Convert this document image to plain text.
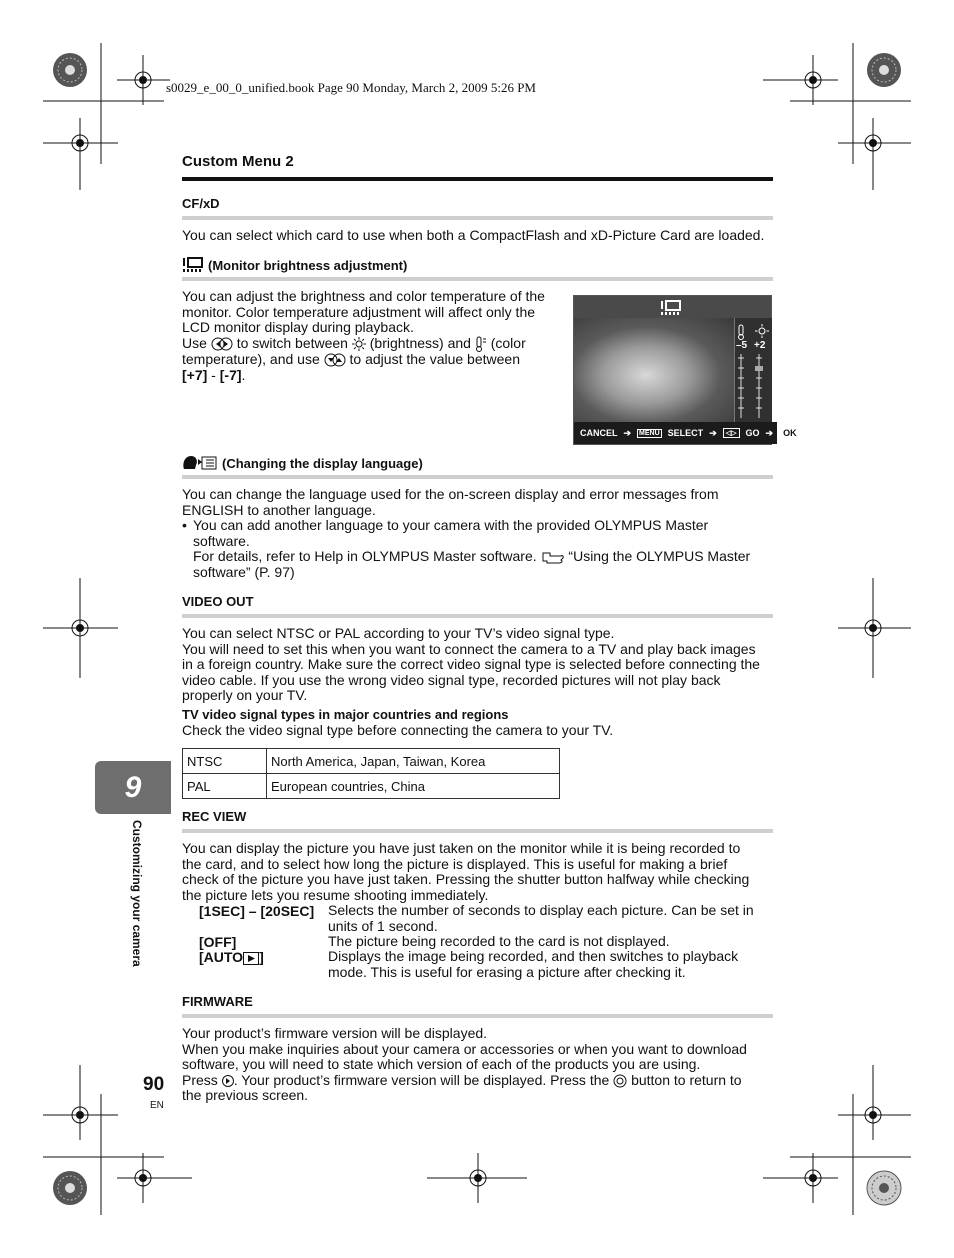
s0029_e_00_0_unified.book Page 90 Monday, March 2, 2009 5:26 PM
Custom Menu 2
CF/xD
You can select which card to use when both a CompactFlash and xD-Picture Card are loaded.
(Monitor brightness adjustment)
You can adjust the brightness and color temperature of the
monitor. Color temperature adjustment will affect only the
LCD monitor display during playback.
Use to switch between (brightness) and (color
temperature), and use to adjust the value between
[+7] - [-7].
–5 +2
CANCEL ➔ MENU SELECT ➔	◁▷	GO ➔	OK
(Changing the display language)
You can change the language used for the on-screen display and error messages from
ENGLISH to another language.
• You can add another language to your camera with the provided OLYMPUS Master
software.
For details, refer to Help in OLYMPUS Master software. “Using the OLYMPUS Master
software” (P. 97)
VIDEO OUT
You can select NTSC or PAL according to your TV’s video signal type.
You will need to set this when you want to connect the camera to a TV and play back images
in a foreign country. Make sure the correct video signal type is selected before connecting the
video cable. If you use the wrong video signal type, recorded pictures will not play back
properly on your TV.
TV video signal types in major countries and regions
Check the video signal type before connecting the camera to your TV.
NTSC	North America, Japan, Taiwan, Korea
PAL	European countries, China
REC VIEW
You can display the picture you have just taken on the monitor while it is being recorded to
the card, and to select how long the picture is displayed. This is useful for making a brief
check of the picture you have just taken. Pressing the shutter button halfway while checking
the picture lets you resume shooting immediately.
[1SEC] – [20SEC] Selects the number of seconds to display each picture. Can be set in
units of 1 second.
[OFF]	The picture being recorded to the card is not displayed.
[AUTO ]	Displays the image being recorded, and then switches to playback
mode. This is useful for erasing a picture after checking it.
FIRMWARE
Your product’s firmware version will be displayed.
When you make inquiries about your camera or accessories or when you want to download
software, you will need to state which version of each of the products you are using.
Press . Your product’s firmware version will be displayed. Press the button to return to
the previous screen.
9
Customizing your camera
90
EN
